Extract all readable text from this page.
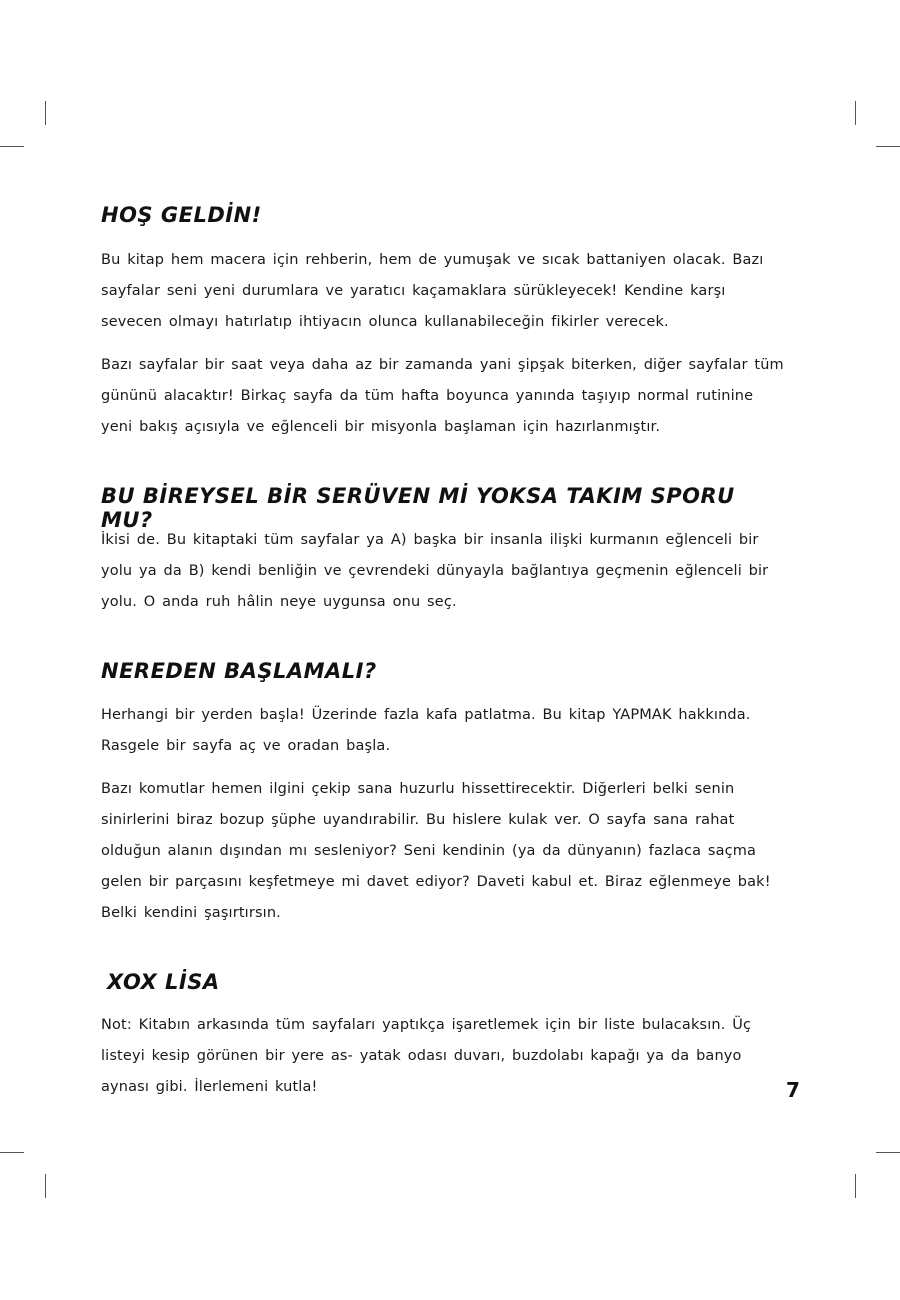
HOŞ GELDİN!

Bu kitap hem macera için rehberin, hem de yumuşak ve sıcak battaniyen olacak. Bazı sayfalar seni yeni durumlara ve yaratıcı kaçamaklara sürükleyecek! Kendine karşı sevecen olmayı hatırlatıp ihtiyacın olunca kullanabileceğin fikirler verecek.

Bazı sayfalar bir saat veya daha az bir zamanda yani şipşak biterken, diğer sayfalar tüm gününü alacaktır! Birkaç sayfa da tüm hafta boyunca yanında taşıyıp normal rutinine yeni bakış açısıyla ve eğlenceli bir misyonla başlaman için hazırlanmıştır.

BU BİREYSEL BİR SERÜVEN Mİ YOKSA TAKIM SPORU MU?

İkisi de. Bu kitaptaki tüm sayfalar ya A) başka bir insanla ilişki kurmanın eğlenceli bir yolu ya da B) kendi benliğin ve çevrendeki dünyayla bağlantıya geçmenin eğlenceli bir yolu. O anda ruh hâlin neye uygunsa onu seç.

NEREDEN BAŞLAMALI?

Herhangi bir yerden başla! Üzerinde fazla kafa patlatma. Bu kitap YAPMAK hakkında. Rasgele bir sayfa aç ve oradan başla.

Bazı komutlar hemen ilgini çekip sana huzurlu hissettirecektir. Diğerleri belki senin sinirlerini biraz bozup şüphe uyandırabilir. Bu hislere kulak ver. O sayfa sana rahat olduğun alanın dışından mı sesleniyor? Seni kendinin (ya da dünyanın) fazlaca saçma gelen bir parçasını keşfetmeye mi davet ediyor? Daveti kabul et. Biraz eğlenmeye bak! Belki kendini şaşırtırsın.

XOX LİSA

Not: Kitabın arkasında tüm sayfaları yaptıkça işaretlemek için bir liste bulacaksın. Üç listeyi kesip görünen bir yere as- yatak odası duvarı, buzdolabı kapağı ya da banyo aynası gibi. İlerlemeni kutla!	7
